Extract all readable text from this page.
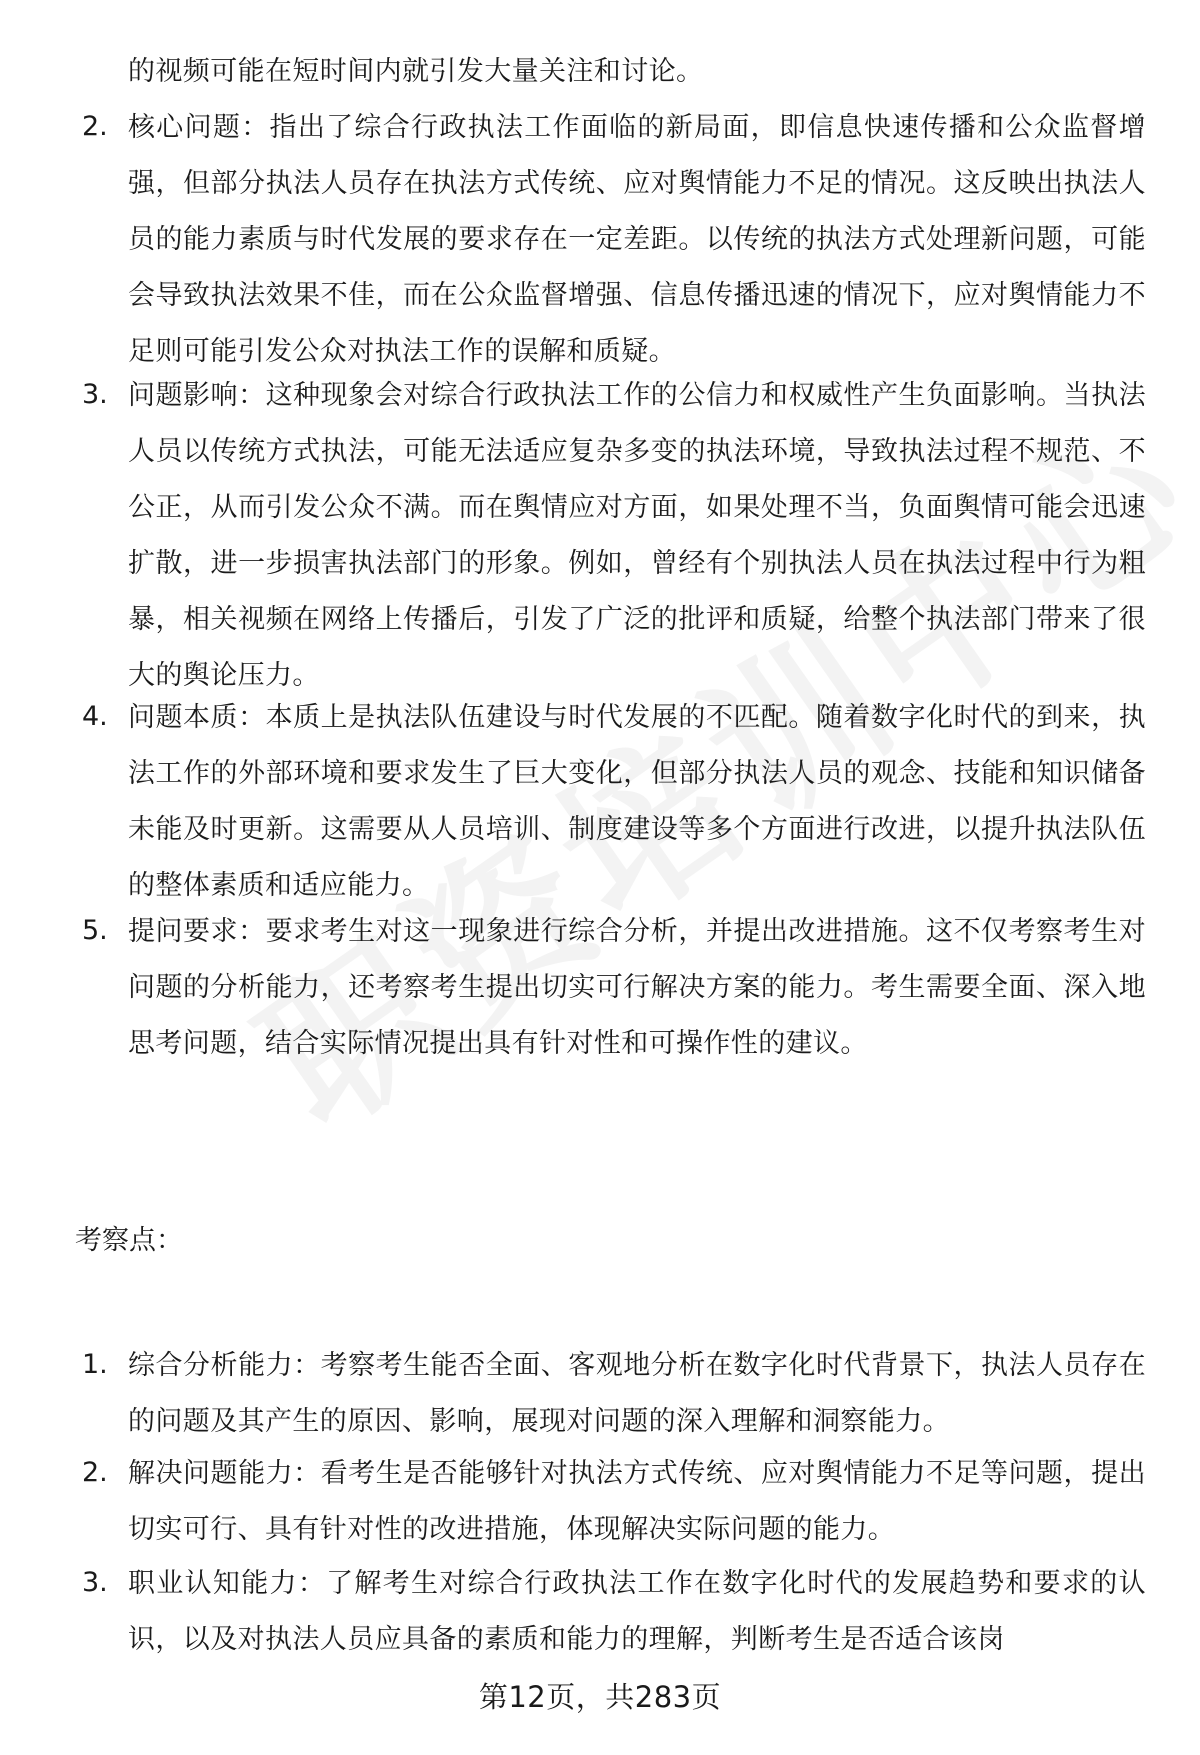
的视频可能在短时间内就引发大量关注和讨论。
2. 核心问题：指出了综合行政执法工作面临的新局面，即信息快速传播和公众监督增强，但部分执法人员存在执法方式传统、应对舆情能力不足的情况。这反映出执法人员的能力素质与时代发展的要求存在一定差距。以传统的执法方式处理新问题，可能会导致执法效果不佳，而在公众监督增强、信息传播迅速的情况下，应对舆情能力不足则可能引发公众对执法工作的误解和质疑。
3. 问题影响：这种现象会对综合行政执法工作的公信力和权威性产生负面影响。当执法人员以传统方式执法，可能无法适应复杂多变的执法环境，导致执法过程不规范、不公正，从而引发公众不满。而在舆情应对方面，如果处理不当，负面舆情可能会迅速扩散，进一步损害执法部门的形象。例如，曾经有个别执法人员在执法过程中行为粗暴，相关视频在网络上传播后，引发了广泛的批评和质疑，给整个执法部门带来了很大的舆论压力。
4. 问题本质：本质上是执法队伍建设与时代发展的不匹配。随着数字化时代的到来，执法工作的外部环境和要求发生了巨大变化，但部分执法人员的观念、技能和知识储备未能及时更新。这需要从人员培训、制度建设等多个方面进行改进，以提升执法队伍的整体素质和适应能力。
5. 提问要求：要求考生对这一现象进行综合分析，并提出改进措施。这不仅考察考生对问题的分析能力，还考察考生提出切实可行解决方案的能力。考生需要全面、深入地思考问题，结合实际情况提出具有针对性和可操作性的建议。
考察点：
1. 综合分析能力：考察考生能否全面、客观地分析在数字化时代背景下，执法人员存在的问题及其产生的原因、影响，展现对问题的深入理解和洞察能力。
2. 解决问题能力：看考生是否能够针对执法方式传统、应对舆情能力不足等问题，提出切实可行、具有针对性的改进措施，体现解决实际问题的能力。
3. 职业认知能力：了解考生对综合行政执法工作在数字化时代的发展趋势和要求的认识，以及对执法人员应具备的素质和能力的理解，判断考生是否适合该岗
第12页，共283页
